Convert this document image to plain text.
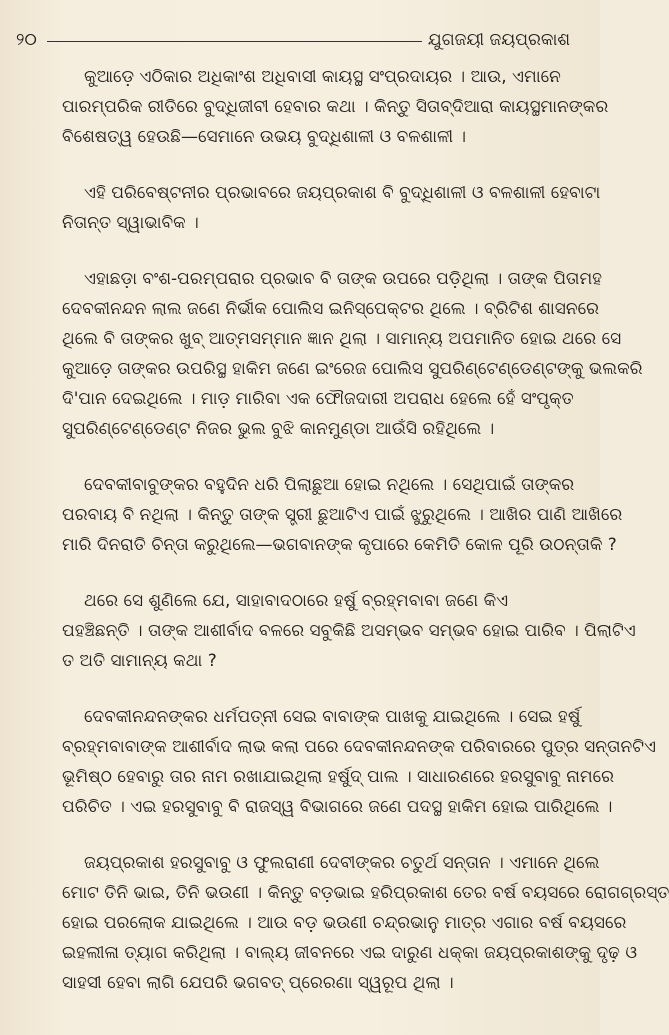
୨୦	ଯୁଗଜୟୀ ଜୟପ୍ରକାଶ
କୁଆଡ଼େ ଏଠିକାର ଅଧିକାଂଶ ଅଧିବାସୀ କାୟସ୍ଥ ସଂପ୍ରଦାୟର । ଆଉ, ଏମାନେ
ପାରମ୍ପରିକ ରୀତିରେ ବୁଦ୍ଧିଜୀବୀ ହେବାର କଥା । କିନ୍ତୁ ସିତାବ୍‌ଦିଆରା କାୟସ୍ଥମାନଙ୍କର
ବିଶେଷତ୍ୱ ହେଉଛି—ସେମାନେ ଉଭୟ ବୁଦ୍ଧିଶାଳୀ ଓ ବଳଶାଳୀ ।
ଏହି ପରିବେଷ୍ଟନୀର ପ୍ରଭାବରେ ଜୟପ୍ରକାଶ ବି ବୁଦ୍ଧିଶାଳୀ ଓ ବଳଶାଳୀ ହେବାଟା
ନିତାନ୍ତ ସ୍ୱାଭାବିକ ।
ଏହାଛଡ଼ା ବଂଶ-ପରମ୍ପରାର ପ୍ରଭାବ ବି ତାଙ୍କ ଉପରେ ପଡ଼ିଥିଲା । ତାଙ୍କ ପିତାମହ
ଦେବକୀନନ୍ଦନ ଲାଲ ଜଣେ ନିର୍ଭୀକ ପୋଲିସ ଇନିସ୍‌ପେକ୍ଟର ଥିଲେ । ବ୍ରିଟିଶ ଶାସନରେ
ଥିଲେ ବି ତାଙ୍କର ଖୁବ୍ ଆତ୍ମସମ୍ମାନ ଜ୍ଞାନ ଥିଲା । ସାମାନ୍ୟ ଅପମାନିତ ହୋଇ ଥରେ ସେ
କୁଆଡ଼େ ତାଙ୍କର ଉପରିସ୍ଥ ହାକିମ ଜଣେ ଇଂରେଜ ପୋଲିସ ସୁପରିଣ୍ଟେଣ୍ଡେଣ୍ଟଙ୍କୁ ଭଲକରି
ଦି'ପାନ ଦେଇଥିଲେ । ମାଡ଼ ମାରିବା ଏକ ଫୌଜଦାରୀ ଅପରାଧ ହେଲେ ହେଁ ସଂପୃକ୍ତ
ସୁପରିଣ୍ଟେଣ୍ଡେଣ୍ଟ ନିଜର ଭୁଲ ବୁଝି କାନମୁଣ୍ଡା ଆଉଁସି ରହିଥିଲେ ।
ଦେବକୀବାବୁଙ୍କର ବହୁଦିନ ଧରି ପିଲାଛୁଆ ହୋଇ ନଥିଲେ । ସେଥିପାଇଁ ତାଙ୍କର
ପରବାୟ ବି ନଥିଲା । କିନ୍ତୁ ତାଙ୍କ ସ୍ତ୍ରୀ ଛୁଆଟିଏ ପାଇଁ ଝୁରୁଥିଲେ । ଆଖିର ପାଣି ଆଖିରେ
ମାରି ଦିନରାତି ଚିନ୍ତା କରୁଥିଲେ—ଭଗବାନଙ୍କ କୃପାରେ କେମିତି କୋଳ ପୂରି ଉଠନ୍ତାକି ?
ଥରେ ସେ ଶୁଣିଲେ ଯେ, ସାହାବାଦଠାରେ ହର୍ଷୁ ବ୍ରହ୍ମବାବା ଜଣେ କିଏ
ପହଞ୍ଚିଛନ୍ତି । ତାଙ୍କ ଆଶୀର୍ବାଦ ବଳରେ ସବୁକିଛି ଅସମ୍ଭବ ସମ୍ଭବ ହୋଇ ପାରିବ । ପିଲାଟିଏ
ତ ଅତି ସାମାନ୍ୟ କଥା ?
ଦେବକୀନନ୍ଦନଙ୍କର ଧର୍ମପତ୍ନୀ ସେଇ ବାବାଙ୍କ ପାଖକୁ ଯାଇଥିଲେ । ସେଇ ହର୍ଷୁ
ବ୍ରହ୍ମବାବାଙ୍କ ଆଶୀର୍ବାଦ ଲାଭ କଲା ପରେ ଦେବକୀନନ୍ଦନଙ୍କ ପରିବାରରେ ପୁତ୍ର ସନ୍ତାନଟିଏ
ଭୂମିଷ୍ଠ ହେବାରୁ ତାର ନାମ ରଖାଯାଇଥିଲା ହର୍ଷୁଦ୍ ପାଲ । ସାଧାରଣରେ ହରସୁବାବୁ ନାମରେ
ପରିଚିତ । ଏଇ ହରସୁବାବୁ ବି ରାଜସ୍ୱ ବିଭାଗରେ ଜଣେ ପଦସ୍ଥ ହାକିମ ହୋଇ ପାରିଥିଲେ ।
ଜୟପ୍ରକାଶ ହରସୁବାବୁ ଓ ଫୁଲରାଣୀ ଦେବୀଙ୍କର ଚତୁର୍ଥ ସନ୍ତାନ । ଏମାନେ ଥିଲେ
ମୋଟ ତିନି ଭାଇ, ତିନି ଭଉଣୀ । କିନ୍ତୁ ବଡ଼ଭାଇ ହରିପ୍ରକାଶ ତେର ବର୍ଷ ବୟସରେ ରୋଗଗ୍ରସ୍ତ
ହୋଇ ପରଲୋକ ଯାଇଥିଲେ । ଆଉ ବଡ଼ ଭଉଣୀ ଚନ୍ଦ୍ରଭାନୁ ମାତ୍ର ଏଗାର ବର୍ଷ ବୟସରେ
ଇହଲୀଳା ତ୍ୟାଗ କରିଥିଲା । ବାଲ୍ୟ ଜୀବନରେ ଏଇ ଦାରୁଣ ଧକ୍କା ଜୟପ୍ରକାଶଙ୍କୁ ଦୃଢ଼ ଓ
ସାହସୀ ହେବା ଲାଗି ଯେପରି ଭଗବତ୍ ପ୍ରେରଣା ସ୍ୱରୂପ ଥିଲା ।
